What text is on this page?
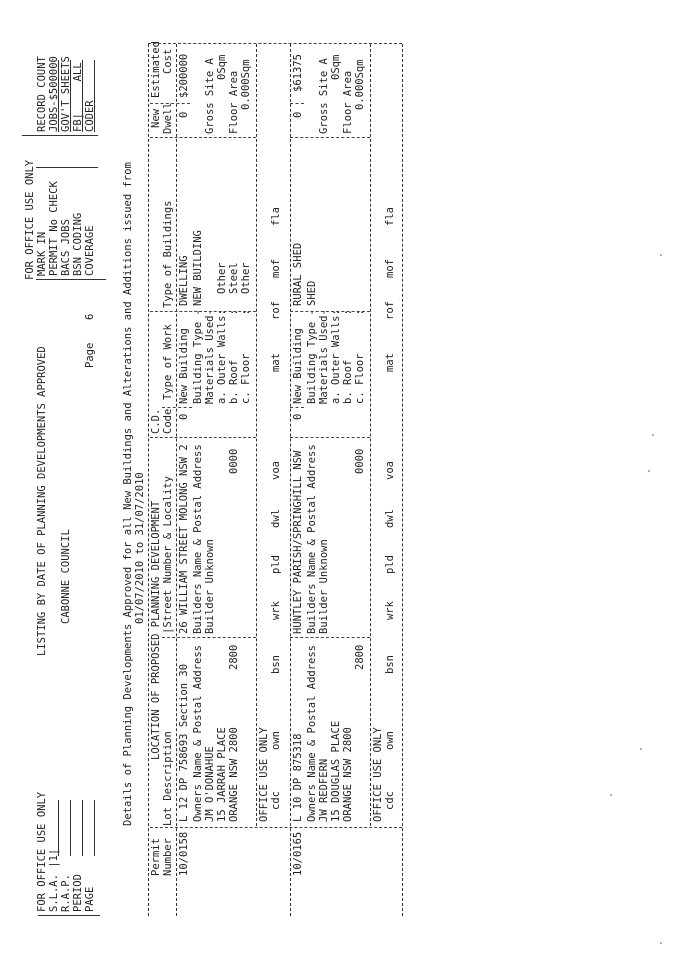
FOR OFFICE USE ONLY S.L.A. |1| R.A.P. PERIOD PAGE
LISTING BY DATE OF PLANNING DEVELOPMENTS APPROVED CABONNE COUNCIL
Page
6
FOR OFFICE USE ONLY MARK IN PERMIT No CHECK BACS JOBS BSN CODING COVERAGE
RECORD COUNT JOBS-$500000 GOV'T SHEETS FB|     ALL CODER
Details of Planning Developments Approved for all New Buildings and Alterations and Additions issued from 01/07/2010 to 31/07/2010
Permit Number
LOCATION OF PROPOSED PLANNING DEVELOPMENT
Lot Description
|Street Number & Locality
C.D. Code
Type of Work
Type of Buildings
New Dwell
Estimated Cost
10/0158
L 12 DP 758693 Section 30
26 WILLIAM STREET MOLONG NSW 2
0
New Building
DWELLING
0
$200000
Owners Name & Postal Address JM O'DONAHUE 15 JARRAH PLACE ORANGE NSW 2800
2800
Builders Name & Postal Address Builder Unknown
0000
Building Type -
NEW BUILDING
Materials Used- a. Outer Walls: b. Roof       : c. Floor      :
Other Steel Other
Gross Site A 0Sqm
Floor Area 0.000Sqm
OFFICE USE ONLY cdc
own
bsn
wrk
pld
dwl
voa
mat
rof
mof
fla
10/0165
L 10 DP 875318
HUNTLEY PARISH/SPRINGHILL NSW
0
New Building
RURAL SHED
0
$61375
Owners Name & Postal Address JW REDFERN 15 DOUGLAS PLACE ORANGE NSW 2800
2800
Builders Name & Postal Address Builder Unknown
0000
Building Type -
SHED
Materials Used- a. Outer Walls: b. Roof       : c. Floor      :
Gross Site A 0Sqm
Floor Area 0.000Sqm
OFFICE USE ONLY cdc
own
bsn
wrk
pld
dwl
voa
mat
rof
mof
fla
